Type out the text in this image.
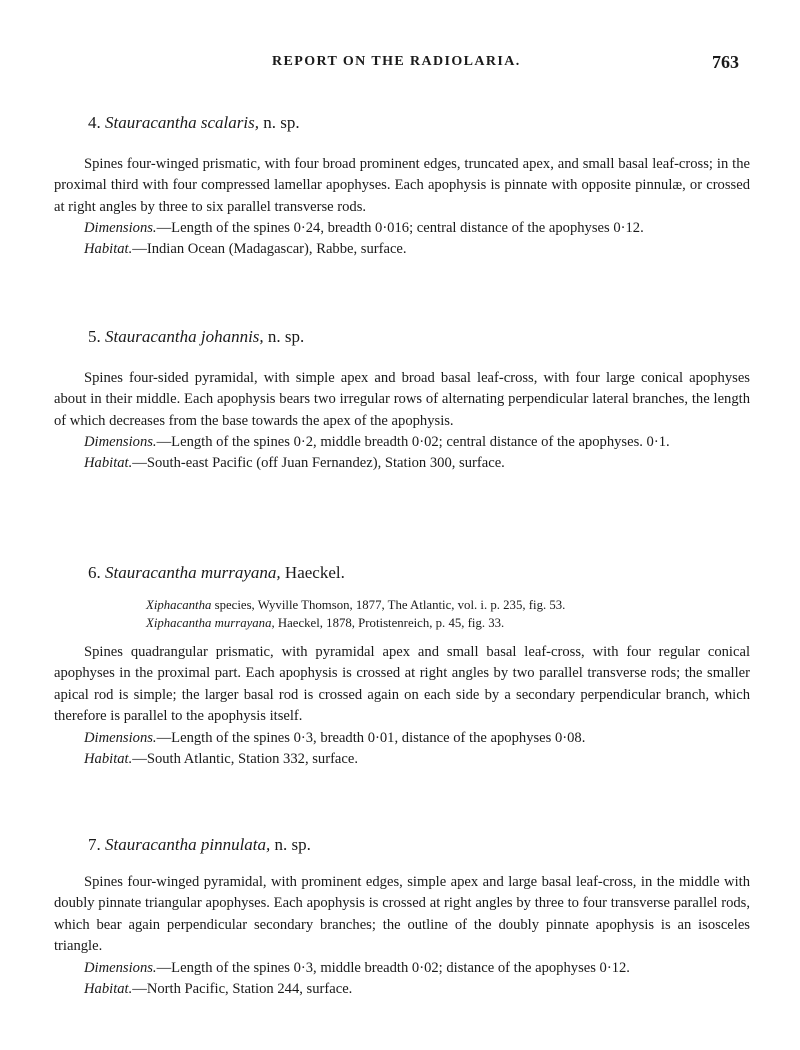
REPORT ON THE RADIOLARIA.	763

4. Stauracantha scalaris, n. sp.

Spines four-winged prismatic, with four broad prominent edges, truncated apex, and small basal leaf-cross; in the proximal third with four compressed lamellar apophyses. Each apophysis is pinnate with opposite pinnulæ, or crossed at right angles by three to six parallel transverse rods.

Dimensions.—Length of the spines 0·24, breadth 0·016; central distance of the apophyses 0·12.

Habitat.—Indian Ocean (Madagascar), Rabbe, surface.

5. Stauracantha johannis, n. sp.

Spines four-sided pyramidal, with simple apex and broad basal leaf-cross, with four large conical apophyses about in their middle. Each apophysis bears two irregular rows of alternating perpendicular lateral branches, the length of which decreases from the base towards the apex of the apophysis.

Dimensions.—Length of the spines 0·2, middle breadth 0·02; central distance of the apophyses. 0·1.

Habitat.—South-east Pacific (off Juan Fernandez), Station 300, surface.

6. Stauracantha murrayana, Haeckel.

Xiphacantha species, Wyville Thomson, 1877, The Atlantic, vol. i. p. 235, fig. 53.

Xiphacantha murrayana, Haeckel, 1878, Protistenreich, p. 45, fig. 33.

Spines quadrangular prismatic, with pyramidal apex and small basal leaf-cross, with four regular conical apophyses in the proximal part. Each apophysis is crossed at right angles by two parallel transverse rods; the smaller apical rod is simple; the larger basal rod is crossed again on each side by a secondary perpendicular branch, which therefore is parallel to the apophysis itself.

Dimensions.—Length of the spines 0·3, breadth 0·01, distance of the apophyses 0·08.

Habitat.—South Atlantic, Station 332, surface.

7. Stauracantha pinnulata, n. sp.

Spines four-winged pyramidal, with prominent edges, simple apex and large basal leaf-cross, in the middle with doubly pinnate triangular apophyses. Each apophysis is crossed at right angles by three to four transverse parallel rods, which bear again perpendicular secondary branches; the outline of the doubly pinnate apophysis is an isosceles triangle.

Dimensions.—Length of the spines 0·3, middle breadth 0·02; distance of the apophyses 0·12.

Habitat.—North Pacific, Station 244, surface.
